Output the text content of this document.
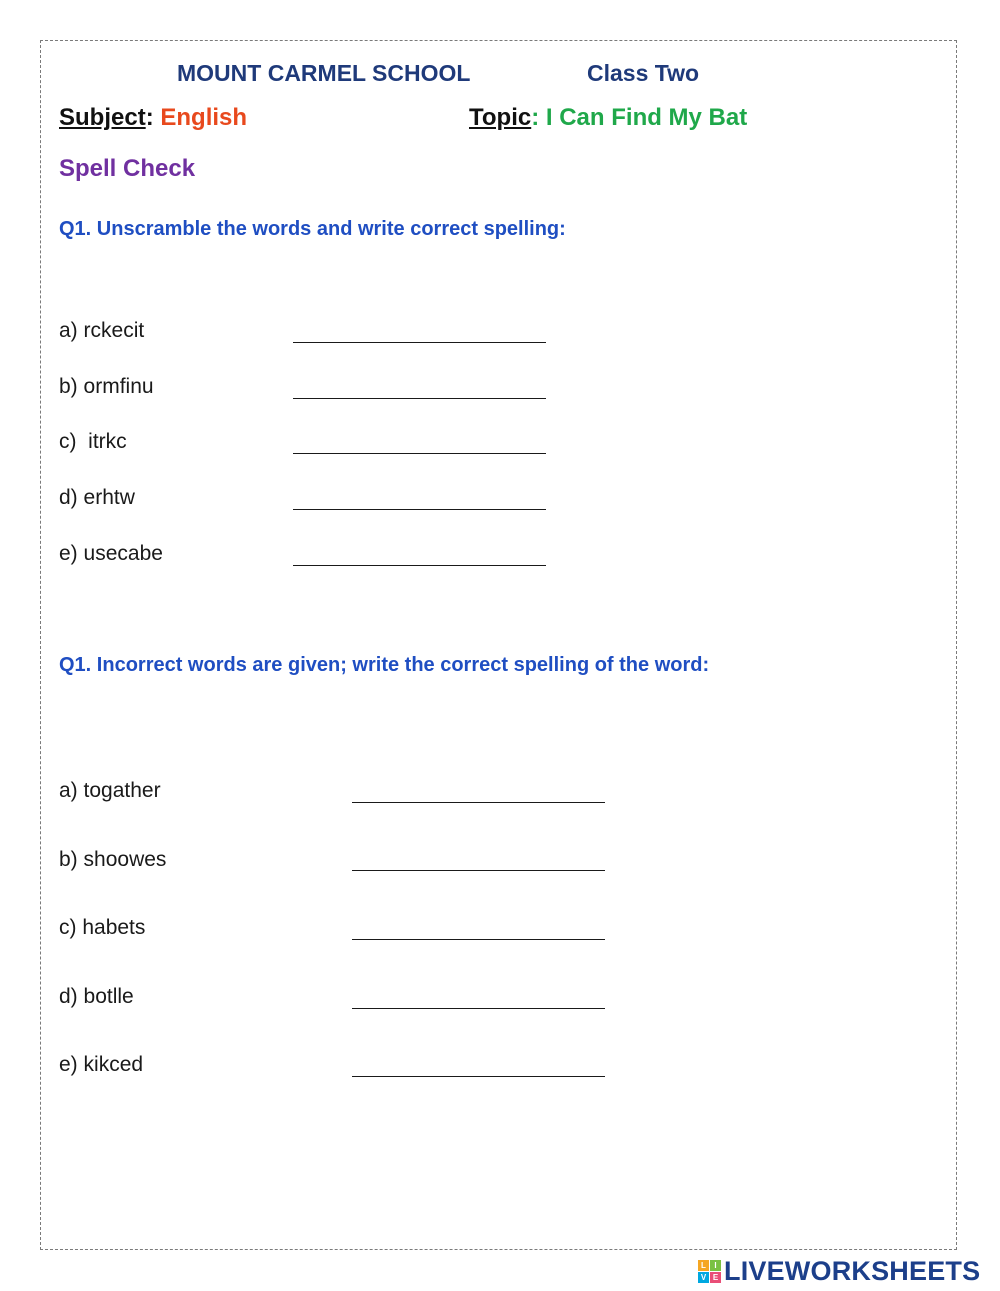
MOUNT CARMEL SCHOOL	Class Two
Subject: English	Topic: I Can Find My Bat
Spell Check
Q1. Unscramble the words and write correct spelling:
a) rckecit
b) ormfinu
c)  itrkc
d) erhtw
e) usecabe
Q1. Incorrect words are given; write the correct spelling of the word:
a) togather
b) shoowes
c) habets
d) botlle
e) kikced
L	I
V E LIVEWORKSHEETS
